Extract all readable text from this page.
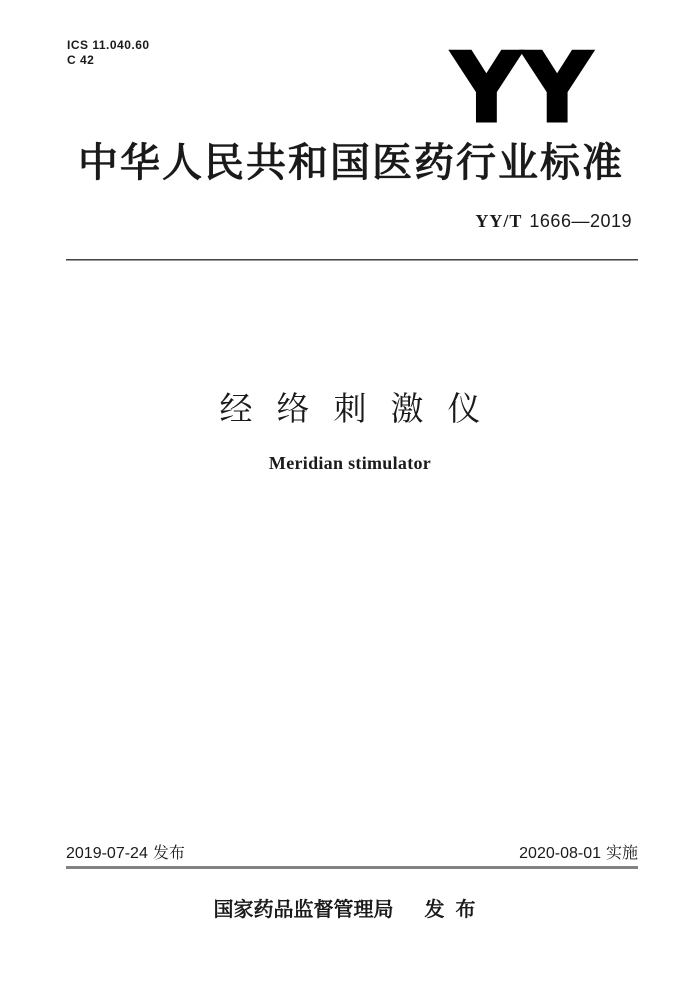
ICS 11.040.60
C 42	YY
中华人民共和国医药行业标准
YY/T 1666—2019
经络刺激仪
Meridian stimulator
2019-07-24 发布	2020-08-01 实施
国家药品监督管理局 发布
